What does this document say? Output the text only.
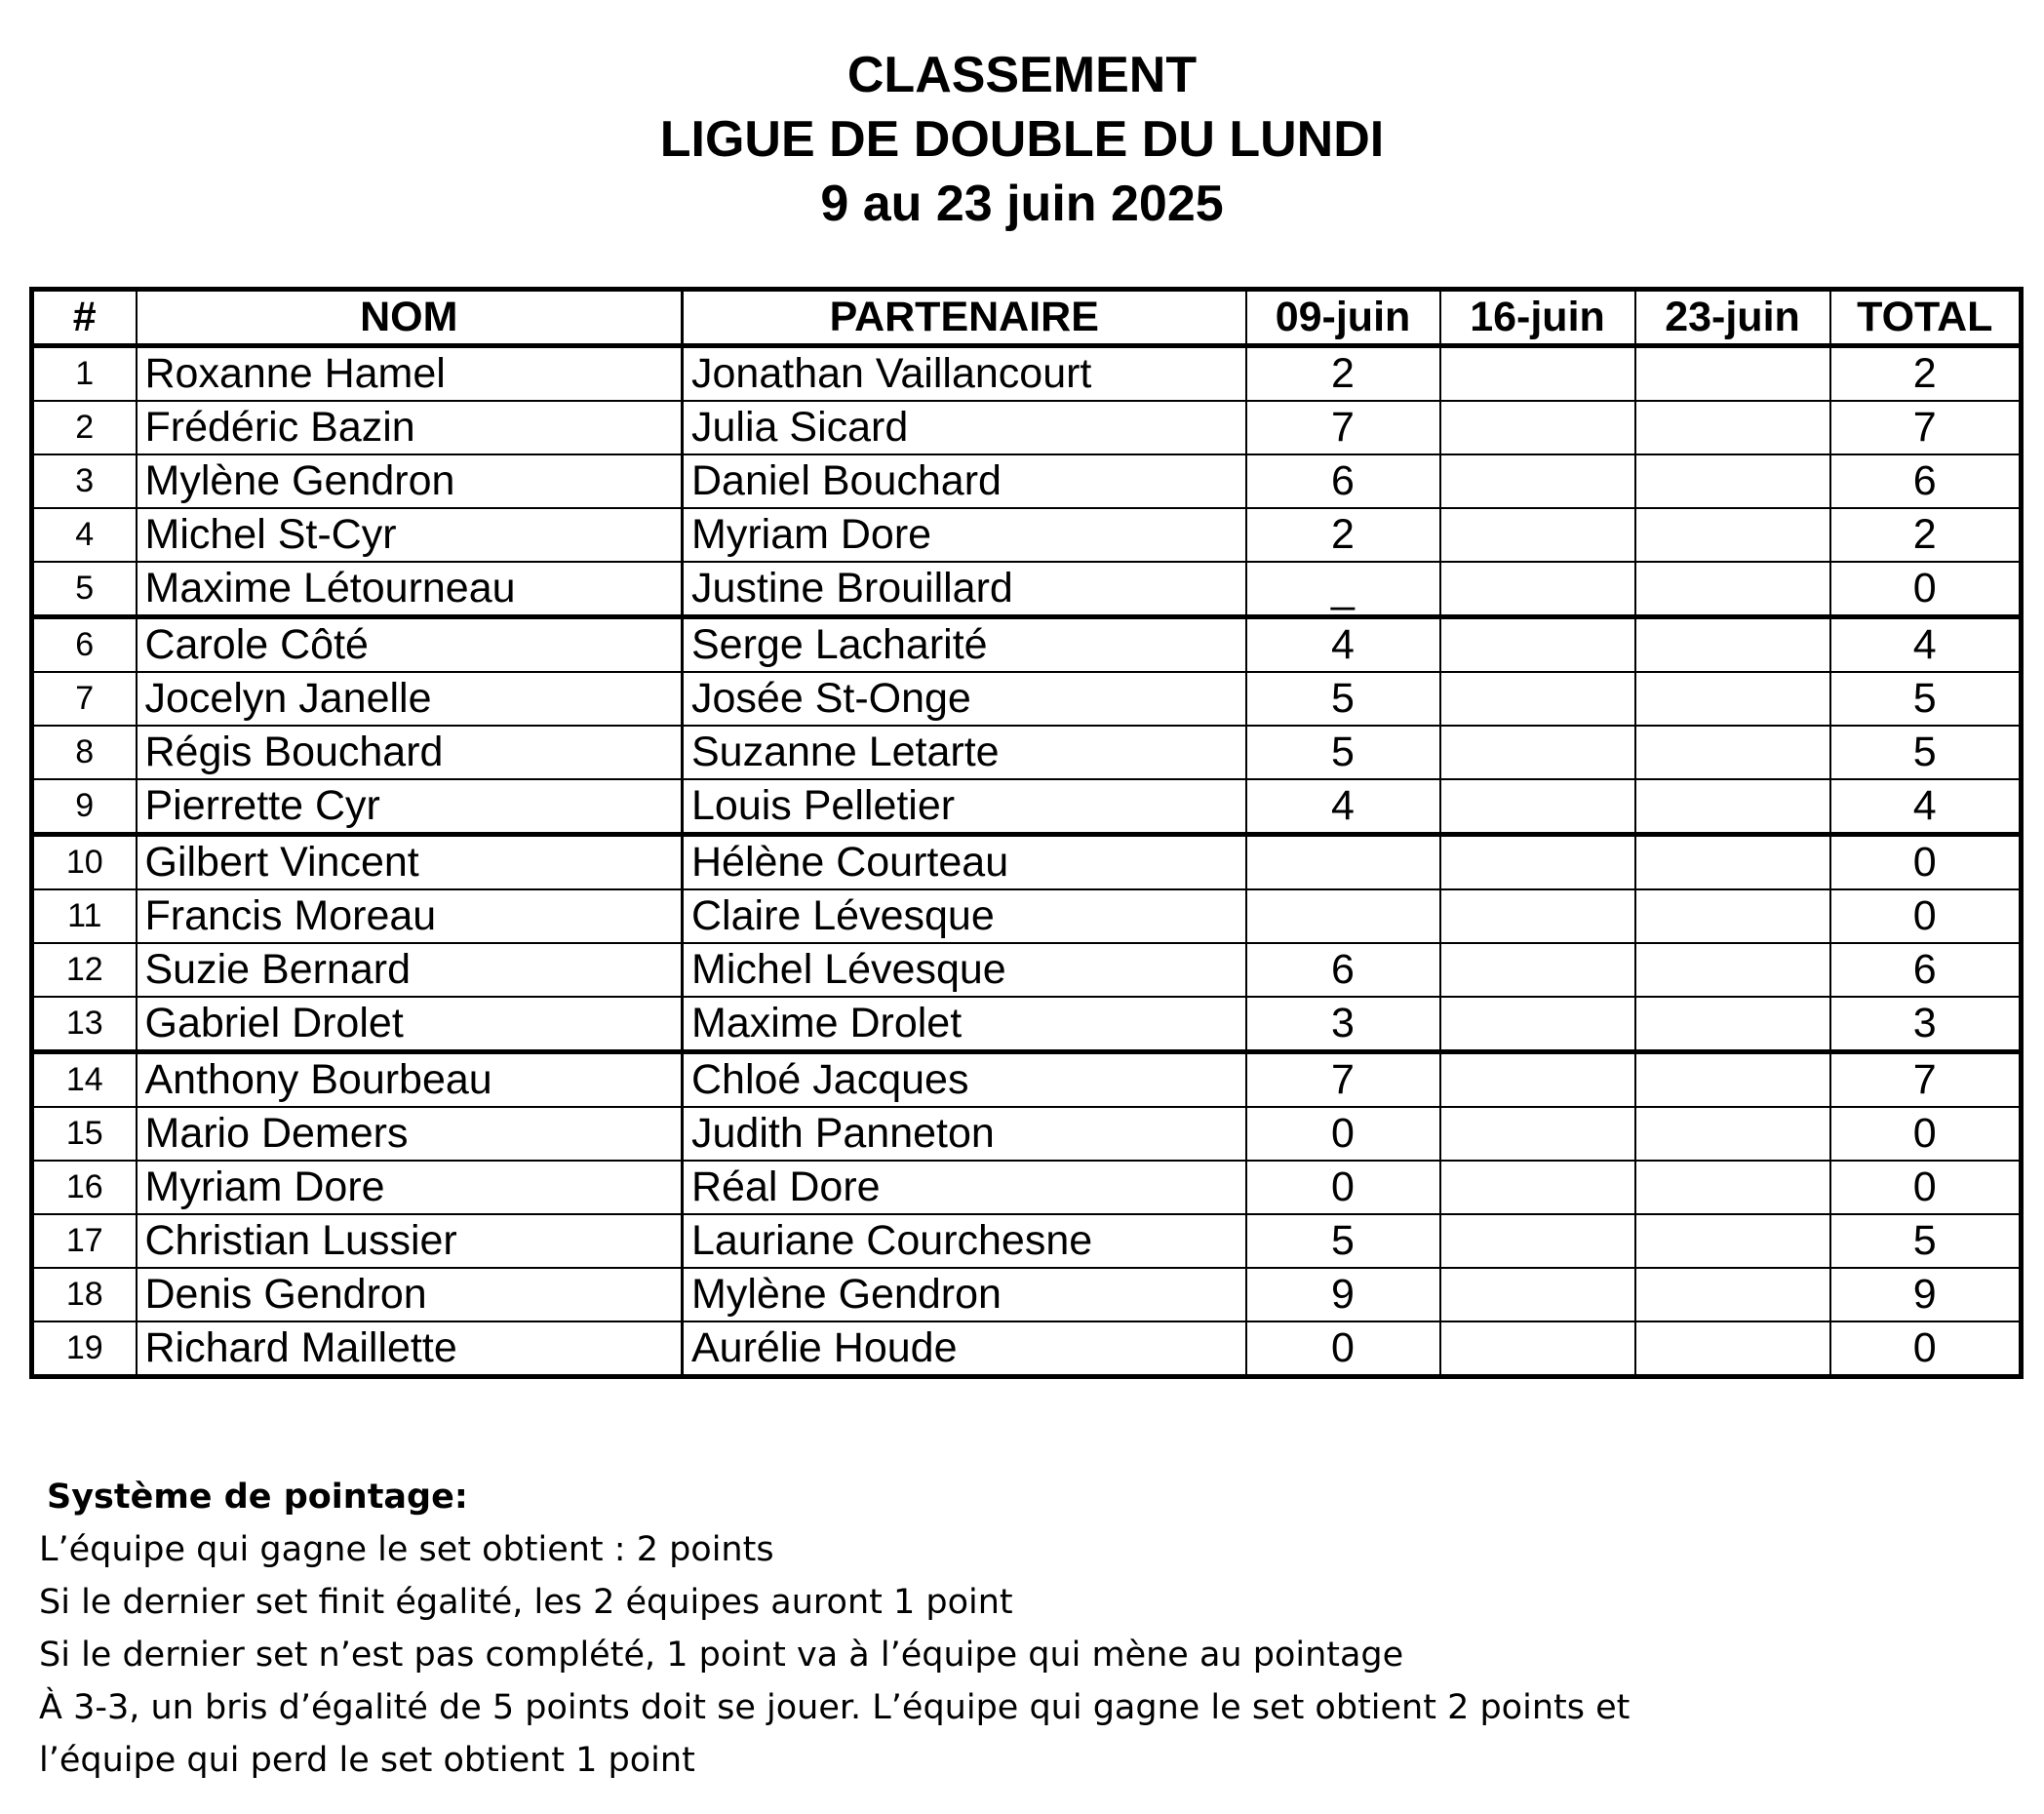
CLASSEMENT
LIGUE DE DOUBLE DU LUNDI
9 au 23 juin 2025
#	NOM	PARTENAIRE	09-juin	16-juin	23-juin	TOTAL
1	Roxanne Hamel	Jonathan Vaillancourt	2			2
2	Frédéric Bazin	Julia Sicard	7			7
3	Mylène Gendron	Daniel Bouchard	6			6
4	Michel St-Cyr	Myriam Dore	2			2
5	Maxime Létourneau	Justine Brouillard	_			0
6	Carole Côté	Serge Lacharité	4			4
7	Jocelyn Janelle	Josée St-Onge	5			5
8	Régis Bouchard	Suzanne Letarte	5			5
9	Pierrette Cyr	Louis Pelletier	4			4
10	Gilbert Vincent	Hélène Courteau				0
11	Francis Moreau	Claire Lévesque				0
12	Suzie Bernard	Michel Lévesque	6			6
13	Gabriel Drolet	Maxime Drolet	3			3
14	Anthony Bourbeau	Chloé Jacques	7			7
15	Mario Demers	Judith Panneton	0			0
16	Myriam Dore	Réal Dore	0			0
17	Christian Lussier	Lauriane Courchesne	5			5
18	Denis Gendron	Mylène Gendron	9			9
19	Richard Maillette	Aurélie Houde	0			0
Système de pointage:
L’équipe qui gagne le set obtient : 2 points
Si le dernier set finit égalité, les 2 équipes auront 1 point
Si le dernier set n’est pas complété, 1 point va à l’équipe qui mène au pointage
À 3-3, un bris d’égalité de 5 points doit se jouer. L’équipe qui gagne le set obtient 2 points et
l’équipe qui perd le set obtient 1 point
